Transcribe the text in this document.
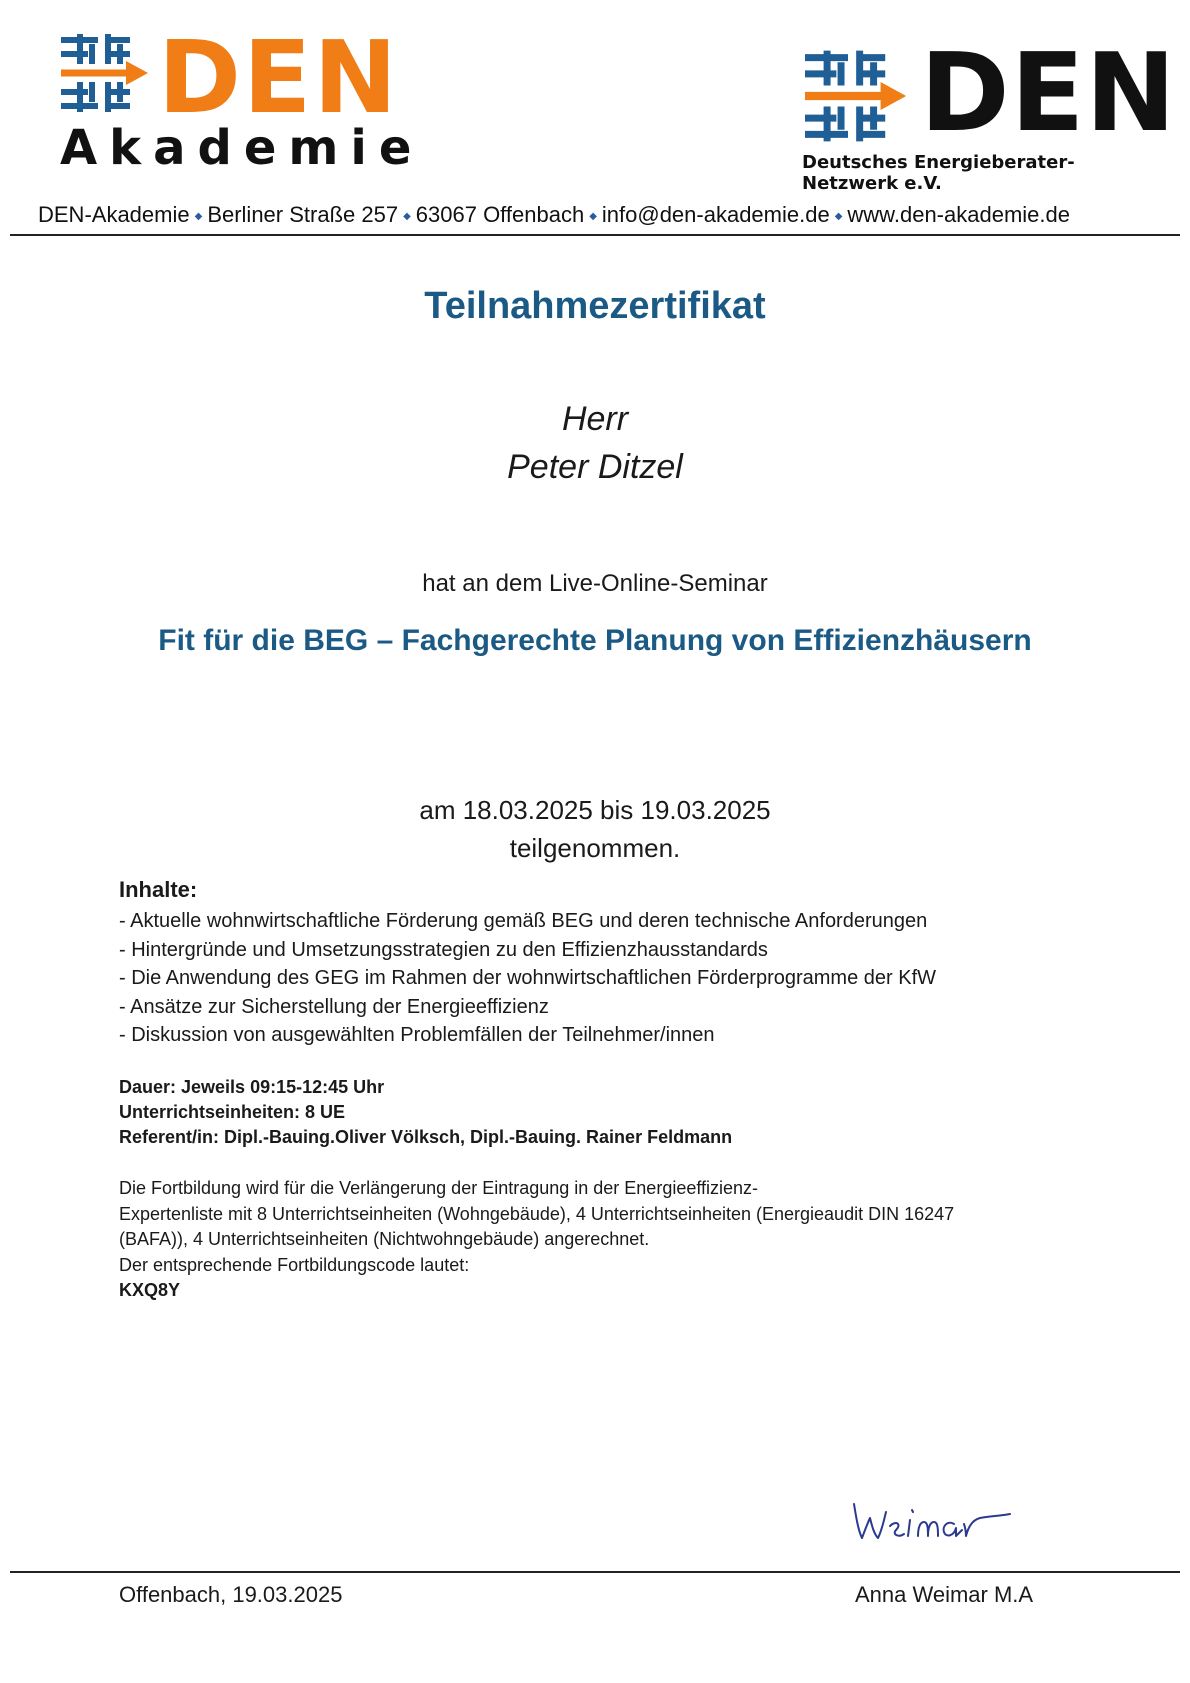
DEN
Akademie	DEN
Deutsches Energieberater-Netzwerk e.V.
DEN-Akademie ◆ Berliner Straße 257 ◆ 63067 Offenbach ◆ info@den-akademie.de ◆ www.den-akademie.de
Teilnahmezertifikat
Herr
Peter Ditzel
hat an dem Live-Online-Seminar
Fit für die BEG – Fachgerechte Planung von Effizienzhäusern
am 18.03.2025 bis 19.03.2025
teilgenommen.
Inhalte:
- Aktuelle wohnwirtschaftliche Förderung gemäß BEG und deren technische Anforderungen
- Hintergründe und Umsetzungsstrategien zu den Effizienzhausstandards
- Die Anwendung des GEG im Rahmen der wohnwirtschaftlichen Förderprogramme der KfW
- Ansätze zur Sicherstellung der Energieeffizienz
- Diskussion von ausgewählten Problemfällen der Teilnehmer/innen
Dauer: Jeweils 09:15-12:45 Uhr
Unterrichtseinheiten: 8 UE
Referent/in: Dipl.-Bauing.Oliver Völksch, Dipl.-Bauing. Rainer Feldmann
Die Fortbildung wird für die Verlängerung der Eintragung in der Energieeffizienz-
Expertenliste mit 8 Unterrichtseinheiten (Wohngebäude), 4 Unterrichtseinheiten (Energieaudit DIN 16247
(BAFA)), 4 Unterrichtseinheiten (Nichtwohngebäude) angerechnet.
Der entsprechende Fortbildungscode lautet:
KXQ8Y
Offenbach, 19.03.2025	Anna Weimar M.A
